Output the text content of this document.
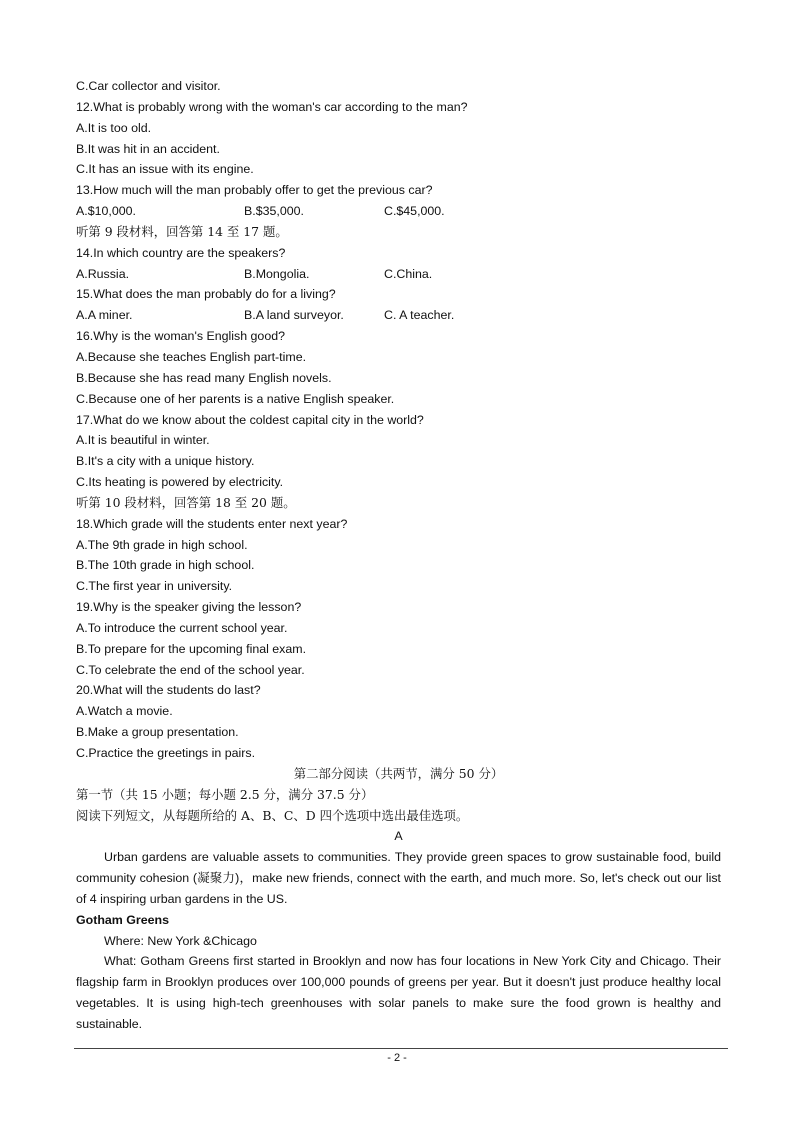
C.Car collector and visitor.
12.What is probably wrong with the woman's car according to the man?
A.It is too old.
B.It was hit in an accident.
C.It has an issue with its engine.
13.How much will the man probably offer to get the previous car?
A.$10,000.	B.$35,000.	C.$45,000.
听第 9 段材料，回答第 14 至 17 题。
14.In which country are the speakers?
A.Russia.	B.Mongolia.	C.China.
15.What does the man probably do for a living?
A.A miner.	B.A land surveyor.	C. A teacher.
16.Why is the woman's English good?
A.Because she teaches English part-time.
B.Because she has read many English novels.
C.Because one of her parents is a native English speaker.
17.What do we know about the coldest capital city in the world?
A.It is beautiful in winter.
B.It's a city with a unique history.
C.Its heating is powered by electricity.
听第 10 段材料，回答第 18 至 20 题。
18.Which grade will the students enter next year?
A.The 9th grade in high school.
B.The 10th grade in high school.
C.The first year in university.
19.Why is the speaker giving the lesson?
A.To introduce the current school year.
B.To prepare for the upcoming final exam.
C.To celebrate the end of the school year.
20.What will the students do last?
A.Watch a movie.
B.Make a group presentation.
C.Practice the greetings in pairs.
第二部分阅读（共两节，满分 50 分）
第一节（共 15 小题；每小题 2.5 分，满分 37.5 分）
阅读下列短文，从每题所给的 A、B、C、D 四个选项中选出最佳选项。
A

Urban gardens are valuable assets to communities. They provide green spaces to grow sustainable food, build community cohesion (凝聚力)，make new friends, connect with the earth, and much more. So, let's check out our list of 4 inspiring urban gardens in the US.

Gotham Greens
Where: New York &Chicago

What: Gotham Greens first started in Brooklyn and now has four locations in New York City and Chicago. Their flagship farm in Brooklyn produces over 100,000 pounds of greens per year. But it doesn't just produce healthy local vegetables. It is using high-tech greenhouses with solar panels to make sure the food grown is healthy and sustainable.

- 2 -
